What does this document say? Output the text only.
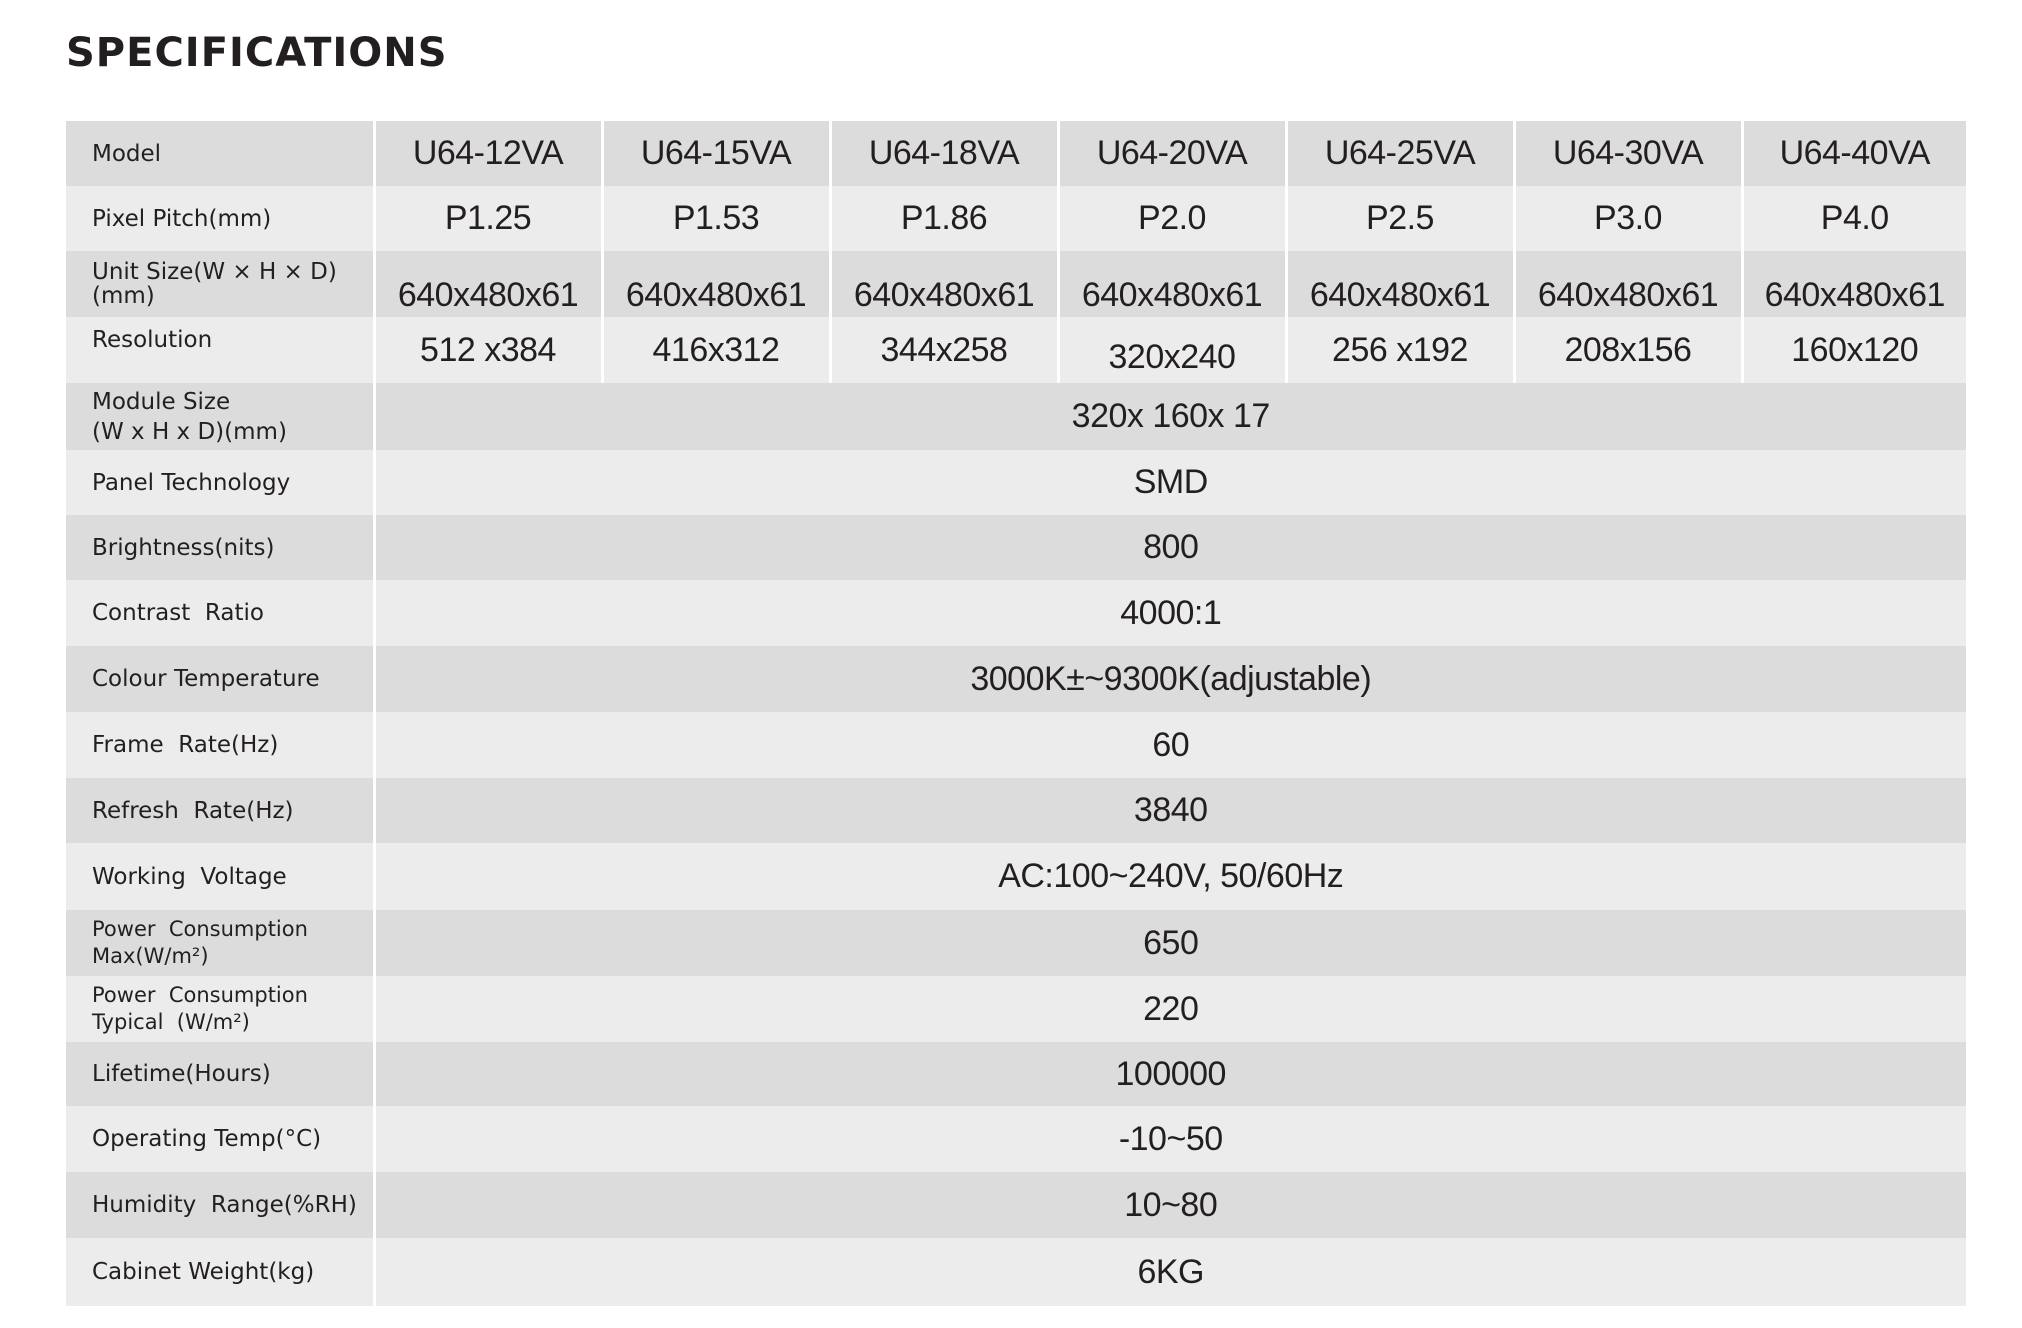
SPECIFICATIONS
Model	U64-12VA	U64-15VA	U64-18VA	U64-20VA	U64-25VA	U64-30VA	U64-40VA
Pixel Pitch(mm)	P1.25	P1.53	P1.86	P2.0	P2.5	P3.0	P4.0

Unit Size(W × H × D)
(mm)	640x480x61	640x480x61	640x480x61	640x480x61	640x480x61	640x480x61	640x480x61
Resolution	512 x384	416x312	344x258	320x240	256 x192	208x156	160x120

Module Size
(W x H x D)(mm)	320x 160x 17						
Panel Technology	SMD						
Brightness(nits)	800						
Contrast  Ratio	4000:1						
Colour Temperature	3000K±~9300K(adjustable)						
Frame  Rate(Hz)	60						
Refresh  Rate(Hz)	3840						
Working  Voltage	AC:100~240V, 50/60Hz						

Power  Consumption
Max(W/m²)	650						

Power  Consumption
Typical  (W/m²)	220						
Lifetime(Hours)	100000						
Operating Temp(°C)	-10~50						
Humidity  Range(%RH)	10~80						
Cabinet Weight(kg)	6KG						
